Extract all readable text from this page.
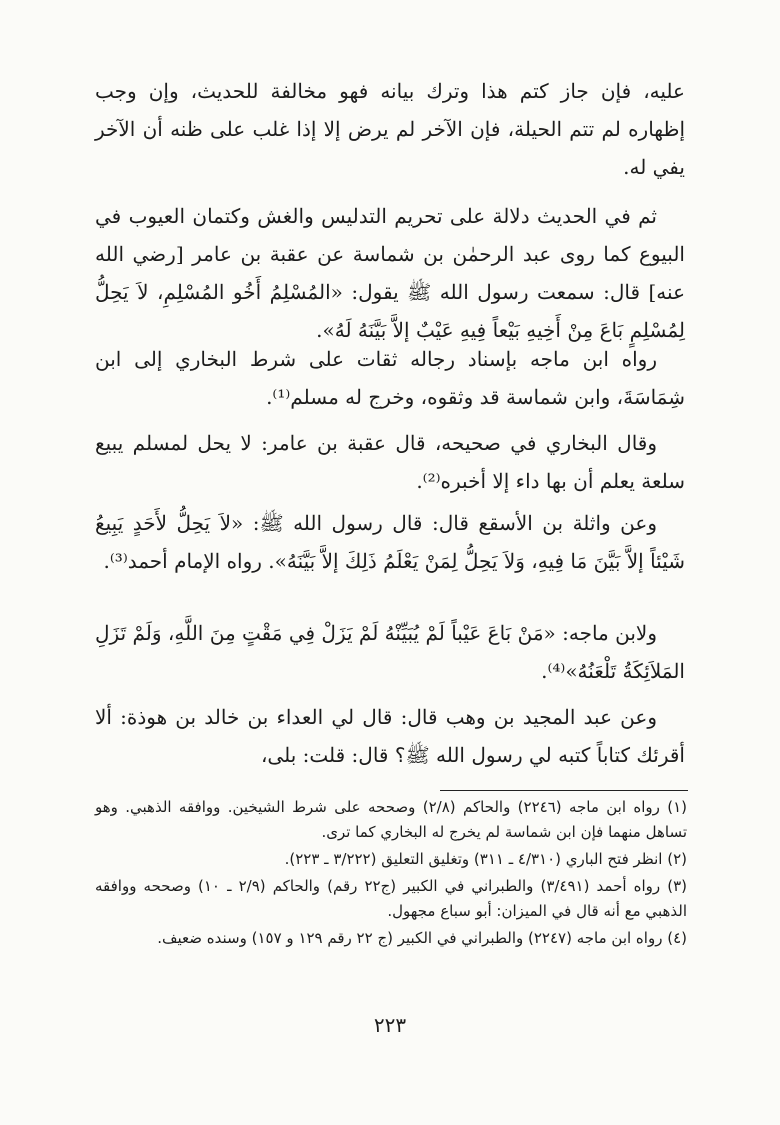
عليه، فإن جاز كتم هذا وترك بيانه فهو مخالفة للحديث، وإن وجب إظهاره لم تتم الحيلة، فإن الآخر لم يرض إلا إذا غلب على ظنه أن الآخر يفي له.

ثم في الحديث دلالة على تحريم التدليس والغش وكتمان العيوب في البيوع كما روى عبد الرحمٰن بن شماسة عن عقبة بن عامر [رضي الله عنه] قال: سمعت رسول الله ﷺ يقول: «المُسْلِمُ أَخُو المُسْلِمِ، لاَ يَحِلُّ لِمُسْلِمٍ بَاعَ مِنْ أَخِيهِ بَيْعاً فِيهِ عَيْبٌ إلاَّ بَيَّنَهُ لَهُ».

رواه ابن ماجه بإسناد رجاله ثقات على شرط البخاري إلى ابن شِمَاسَةَ، وابن شماسة قد وثقوه، وخرج له مسلم⁽¹⁾.

وقال البخاري في صحيحه، قال عقبة بن عامر: لا يحل لمسلم يبيع سلعة يعلم أن بها داء إلا أخبره⁽²⁾.

وعن واثلة بن الأسقع قال: قال رسول الله ﷺ: «لاَ يَحِلُّ لأَحَدٍ يَبِيعُ شَيْئاً إلاَّ بَيَّنَ مَا فِيهِ، وَلاَ يَحِلُّ لِمَنْ يَعْلَمُ ذَلِكَ إلاَّ بَيَّنَهُ». رواه الإمام أحمد⁽³⁾.

ولابن ماجه: «مَنْ بَاعَ عَيْباً لَمْ يُبَيِّنْهُ لَمْ يَزَلْ فِي مَقْتٍ مِنَ اللَّهِ، وَلَمْ تَزَلِ المَلاَئِكَةُ تَلْعَنُهُ»⁽⁴⁾.

وعن عبد المجيد بن وهب قال: قال لي العداء بن خالد بن هوذة: ألا أقرئك كتاباً كتبه لي رسول الله ﷺ؟ قال: قلت: بلى،

(١) رواه ابن ماجه (٢٢٤٦) والحاكم (٢/٨) وصححه على شرط الشيخين. ووافقه الذهبي. وهو تساهل منهما فإن ابن شماسة لم يخرج له البخاري كما ترى.

(٢) انظر فتح الباري (٤/٣١٠ ـ ٣١١) وتغليق التعليق (٣/٢٢٢ ـ ٢٢٣).

(٣) رواه أحمد (٣/٤٩١) والطبراني في الكبير (ج٢٢ رقم) والحاكم (٢/٩ ـ ١٠) وصححه ووافقه الذهبي مع أنه قال في الميزان: أبو سباع مجهول.

(٤) رواه ابن ماجه (٢٢٤٧) والطبراني في الكبير (ج ٢٢ رقم ١٢٩ و ١٥٧) وسنده ضعيف.

٢٢٣
